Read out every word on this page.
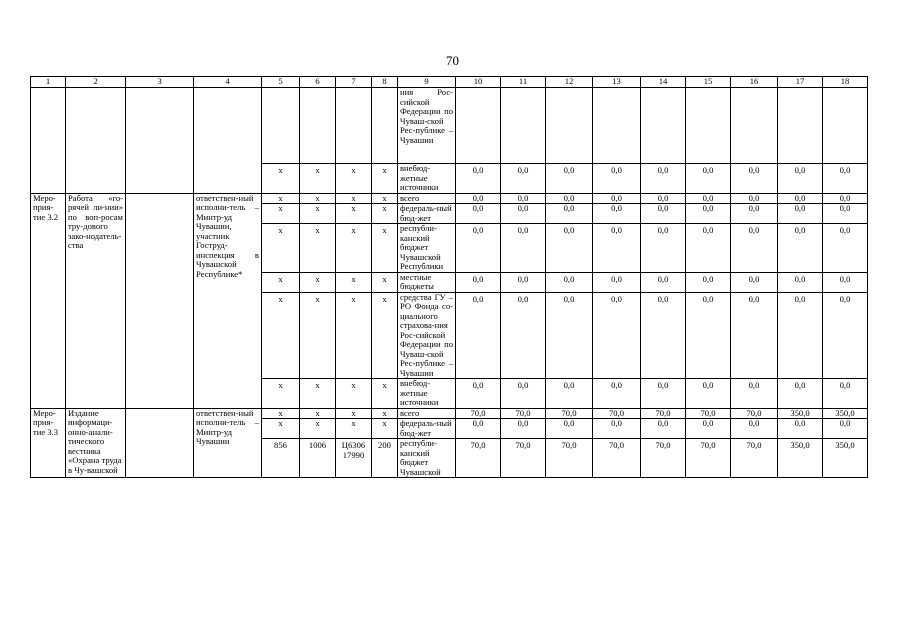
70
1	2	3	4	5	6	7	8	9	10	11	12	13	14	15	16	17	18
								ния Рос-сийской Федерации по Чуваш-ской Рес-публике – Чувашии									
				x	x	x	x	внебюд-жетные источники	0,0	0,0	0,0	0,0	0,0	0,0	0,0	0,0	0,0
Меро-прия-тие 3.2	Работа «го-рячей ли-нии» по воп-росам тру-дового зако-нодатель-ства		ответствен-ный исполни-тель – Минтр-уд Чувашии, участник Гоструд-инспекция в Чувашской Республике*	x	x	x	x	всего	0,0	0,0	0,0	0,0	0,0	0,0	0,0	0,0	0,0
				x	x	x	x	федераль-ный бюд-жет	0,0	0,0	0,0	0,0	0,0	0,0	0,0	0,0	0,0
				x	x	x	x	республи-канский бюджет Чувашской Республики	0,0	0,0	0,0	0,0	0,0	0,0	0,0	0,0	0,0
				x	x	x	x	местные бюджеты	0,0	0,0	0,0	0,0	0,0	0,0	0,0	0,0	0,0
				x	x	x	x	средства ГУ – РО Фонда со-циального страхова-ния Рос-сийской Федерации по Чуваш-ской Рес-публике – Чувашии	0,0	0,0	0,0	0,0	0,0	0,0	0,0	0,0	0,0
				x	x	x	x	внебюд-жетные источники	0,0	0,0	0,0	0,0	0,0	0,0	0,0	0,0	0,0
Меро-прия-тие 3.3	Издание информаци-онно-анали-тического вестника «Охрана труда в Чу-вашской		ответствен-ный исполни-тель – Минтр-уд Чувашии	x	x	x	x	всего	70,0	70,0	70,0	70,0	70,0	70,0	70,0	350,0	350,0
				x	x	x	x	федераль-ный бюд-жет	0,0	0,0	0,0	0,0	0,0	0,0	0,0	0,0	0,0
				856	1006	Ц6306 17990	200	республи-канский бюджет Чувашской	70,0	70,0	70,0	70,0	70,0	70,0	70,0	350,0	350,0
